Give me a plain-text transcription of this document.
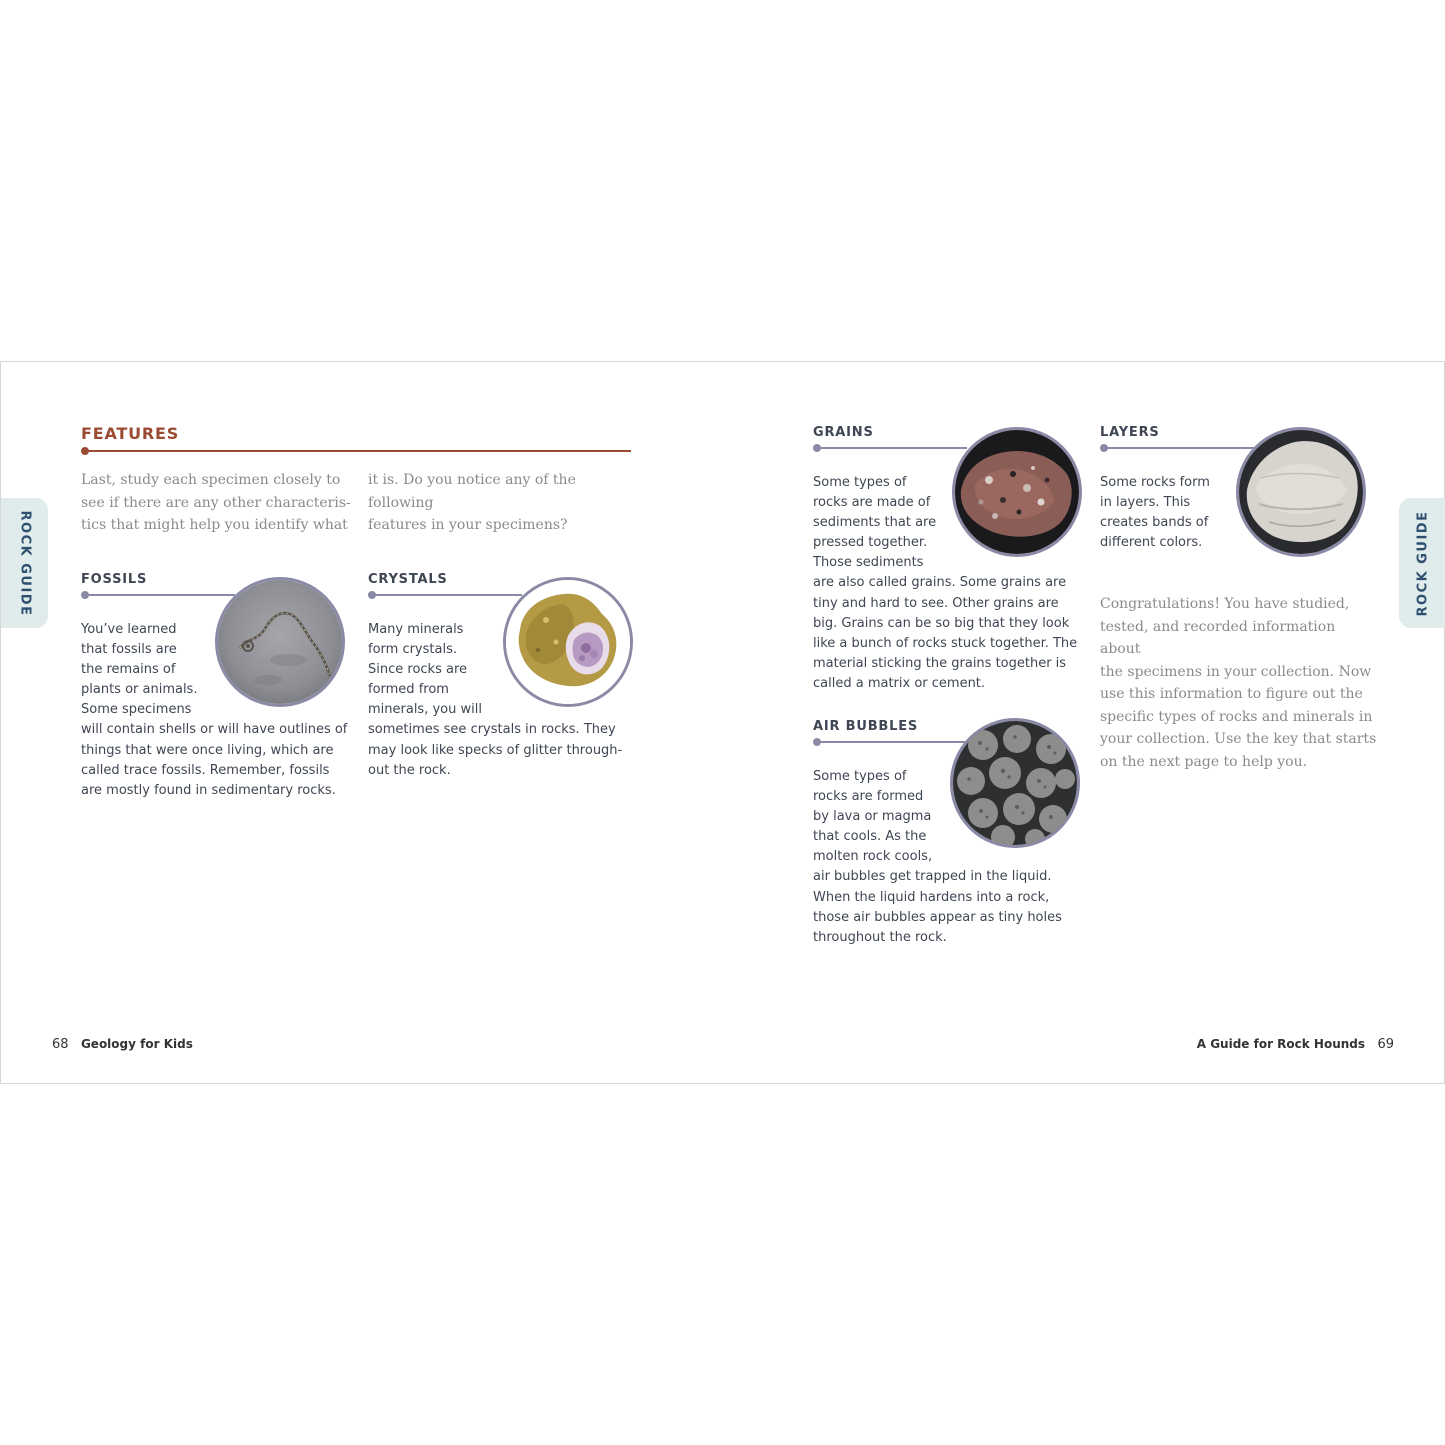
ROCK GUIDE	ROCK GUIDE
FEATURES
Last, study each specimen closely to
see if there are any other characteris-
tics that might help you identify what
it is. Do you notice any of the following
features in your specimens?
FOSSILS
You’ve learned
that fossils are
the remains of
plants or animals.
Some specimens
will contain shells or will have outlines of
things that were once living, which are
called trace fossils. Remember, fossils
are mostly found in sedimentary rocks.
CRYSTALS
Many minerals
form crystals.
Since rocks are
formed from
minerals, you will
sometimes see crystals in rocks. They
may look like specks of glitter through-
out the rock.
GRAINS
Some types of
rocks are made of
sediments that are
pressed together.
Those sediments
are also called grains. Some grains are
tiny and hard to see. Other grains are
big. Grains can be so big that they look
like a bunch of rocks stuck together. The
material sticking the grains together is
called a matrix or cement.
AIR BUBBLES
Some types of
rocks are formed
by lava or magma
that cools. As the
molten rock cools,
air bubbles get trapped in the liquid.
When the liquid hardens into a rock,
those air bubbles appear as tiny holes
throughout the rock.
LAYERS
Some rocks form
in layers. This
creates bands of
different colors.
Congratulations! You have studied,
tested, and recorded information about
the specimens in your collection. Now
use this information to figure out the
specific types of rocks and minerals in
your collection. Use the key that starts
on the next page to help you.
68 Geology for Kids	A Guide for Rock Hounds 69
